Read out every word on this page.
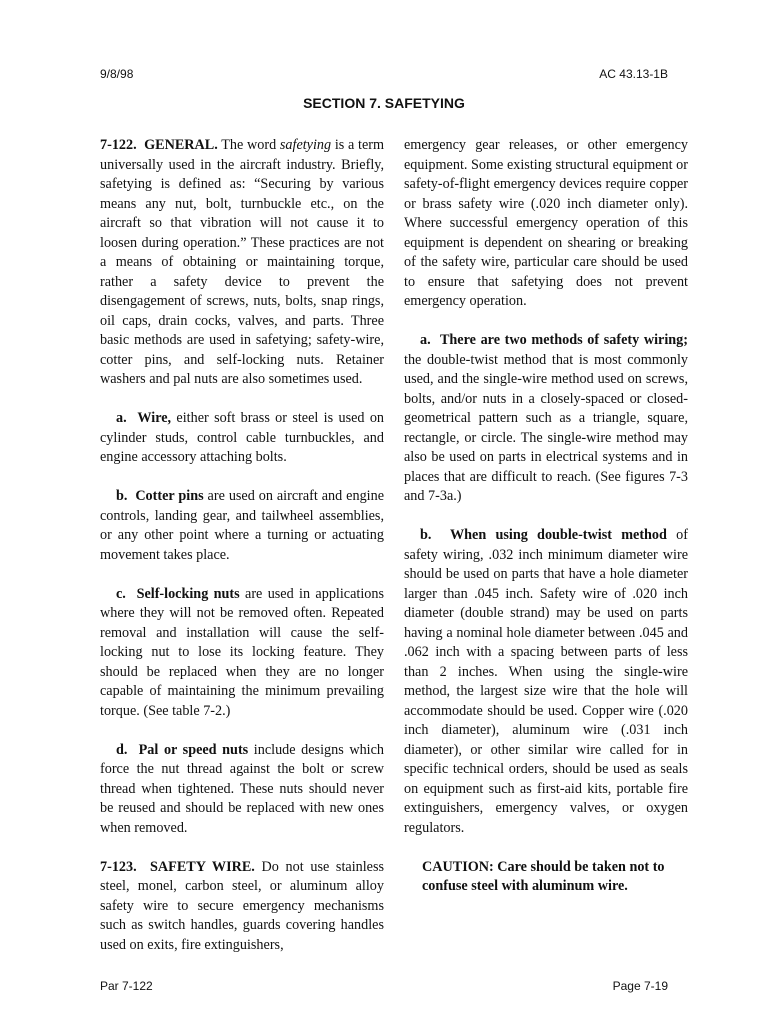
9/8/98	AC 43.13-1B
SECTION 7. SAFETYING

7-122. GENERAL. The word safetying is a term universally used in the aircraft industry. Briefly, safetying is defined as: “Securing by various means any nut, bolt, turnbuckle etc., on the aircraft so that vibration will not cause it to loosen during operation.” These practices are not a means of obtaining or maintaining torque, rather a safety device to prevent the disengagement of screws, nuts, bolts, snap rings, oil caps, drain cocks, valves, and parts. Three basic methods are used in safetying; safety-wire, cotter pins, and self-locking nuts. Retainer washers and pal nuts are also sometimes used.

a. Wire, either soft brass or steel is used on cylinder studs, control cable turnbuckles, and engine accessory attaching bolts.

b. Cotter pins are used on aircraft and engine controls, landing gear, and tailwheel assemblies, or any other point where a turning or actuating movement takes place.

c. Self-locking nuts are used in applications where they will not be removed often. Repeated removal and installation will cause the self-locking nut to lose its locking feature. They should be replaced when they are no longer capable of maintaining the minimum prevailing torque. (See table 7-2.)

d. Pal or speed nuts include designs which force the nut thread against the bolt or screw thread when tightened. These nuts should never be reused and should be replaced with new ones when removed.

7-123. SAFETY WIRE. Do not use stainless steel, monel, carbon steel, or aluminum alloy safety wire to secure emergency mechanisms such as switch handles, guards covering handles used on exits, fire extinguishers,

emergency gear releases, or other emergency equipment. Some existing structural equipment or safety-of-flight emergency devices require copper or brass safety wire (.020 inch diameter only). Where successful emergency operation of this equipment is dependent on shearing or breaking of the safety wire, particular care should be used to ensure that safetying does not prevent emergency operation.

a. There are two methods of safety wiring; the double-twist method that is most commonly used, and the single-wire method used on screws, bolts, and/or nuts in a closely-spaced or closed-geometrical pattern such as a triangle, square, rectangle, or circle. The single-wire method may also be used on parts in electrical systems and in places that are difficult to reach. (See figures 7-3 and 7-3a.)

b. When using double-twist method of safety wiring, .032 inch minimum diameter wire should be used on parts that have a hole diameter larger than .045 inch. Safety wire of .020 inch diameter (double strand) may be used on parts having a nominal hole diameter between .045 and .062 inch with a spacing between parts of less than 2 inches. When using the single-wire method, the largest size wire that the hole will accommodate should be used. Copper wire (.020 inch diameter), aluminum wire (.031 inch diameter), or other similar wire called for in specific technical orders, should be used as seals on equipment such as first-aid kits, portable fire extinguishers, emergency valves, or oxygen regulators.

CAUTION: Care should be taken not to confuse steel with aluminum wire.

Par 7-122	Page 7-19
